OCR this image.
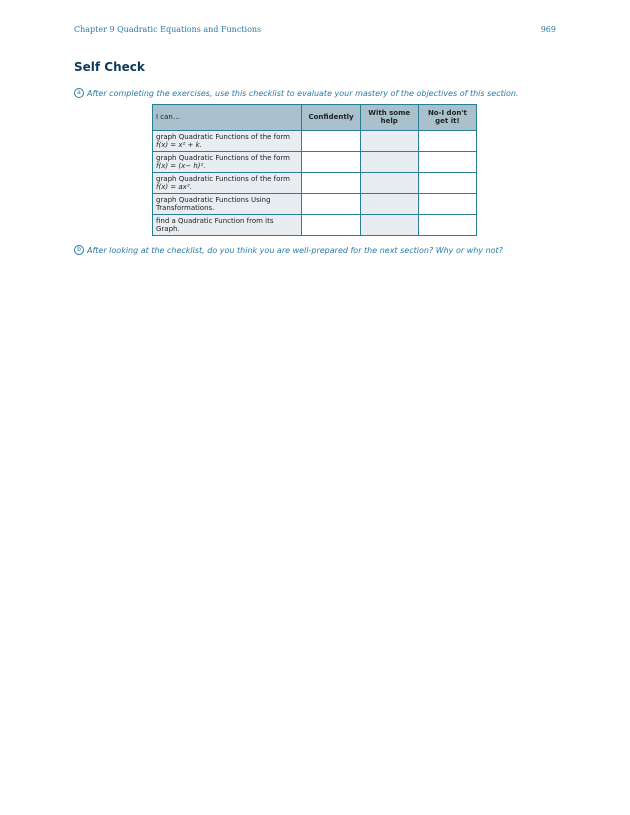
Chapter 9 Quadratic Equations and Functions	969
Self Check
a After completing the exercises, use this checklist to evaluate your mastery of the objectives of this section.
I can…	Confidently	With some help	No-I don't get it!

graph Quadratic Functions of the form
f(x) = x² + k.			

graph Quadratic Functions of the form
f(x) = (x− h)².			

graph Quadratic Functions of the form
f(x) = ax².			

graph Quadratic Functions Using
Transformations.			

find a Quadratic Function from its Graph.			

b After looking at the checklist, do you think you are well-prepared for the next section? Why or why not?
